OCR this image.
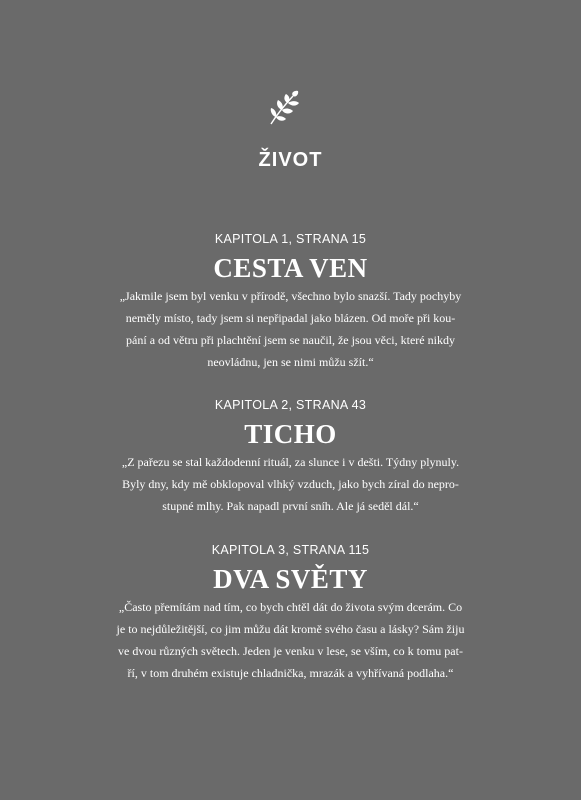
ŽIVOT
KAPITOLA 1, STRANA 15
CESTA VEN
„Jakmile jsem byl venku v přírodě, všechno bylo snazší. Tady pochyby
neměly místo, tady jsem si nepřipadal jako blázen. Od moře při kou-
pání a od větru při plachtění jsem se naučil, že jsou věci, které nikdy
neovládnu, jen se nimi můžu sžít.“
KAPITOLA 2, STRANA 43
TICHO
„Z pařezu se stal každodenní rituál, za slunce i v dešti. Týdny plynuly.
Byly dny, kdy mě obklopoval vlhký vzduch, jako bych zíral do nepro-
stupné mlhy. Pak napadl první sníh. Ale já seděl dál.“
KAPITOLA 3, STRANA 115
DVA SVĚTY
„Často přemítám nad tím, co bych chtěl dát do života svým dcerám. Co
je to nejdůležitější, co jim můžu dát kromě svého času a lásky? Sám žiju
ve dvou různých světech. Jeden je venku v lese, se vším, co k tomu pat-
ří, v tom druhém existuje chladnička, mrazák a vyhřívaná podlaha.“
